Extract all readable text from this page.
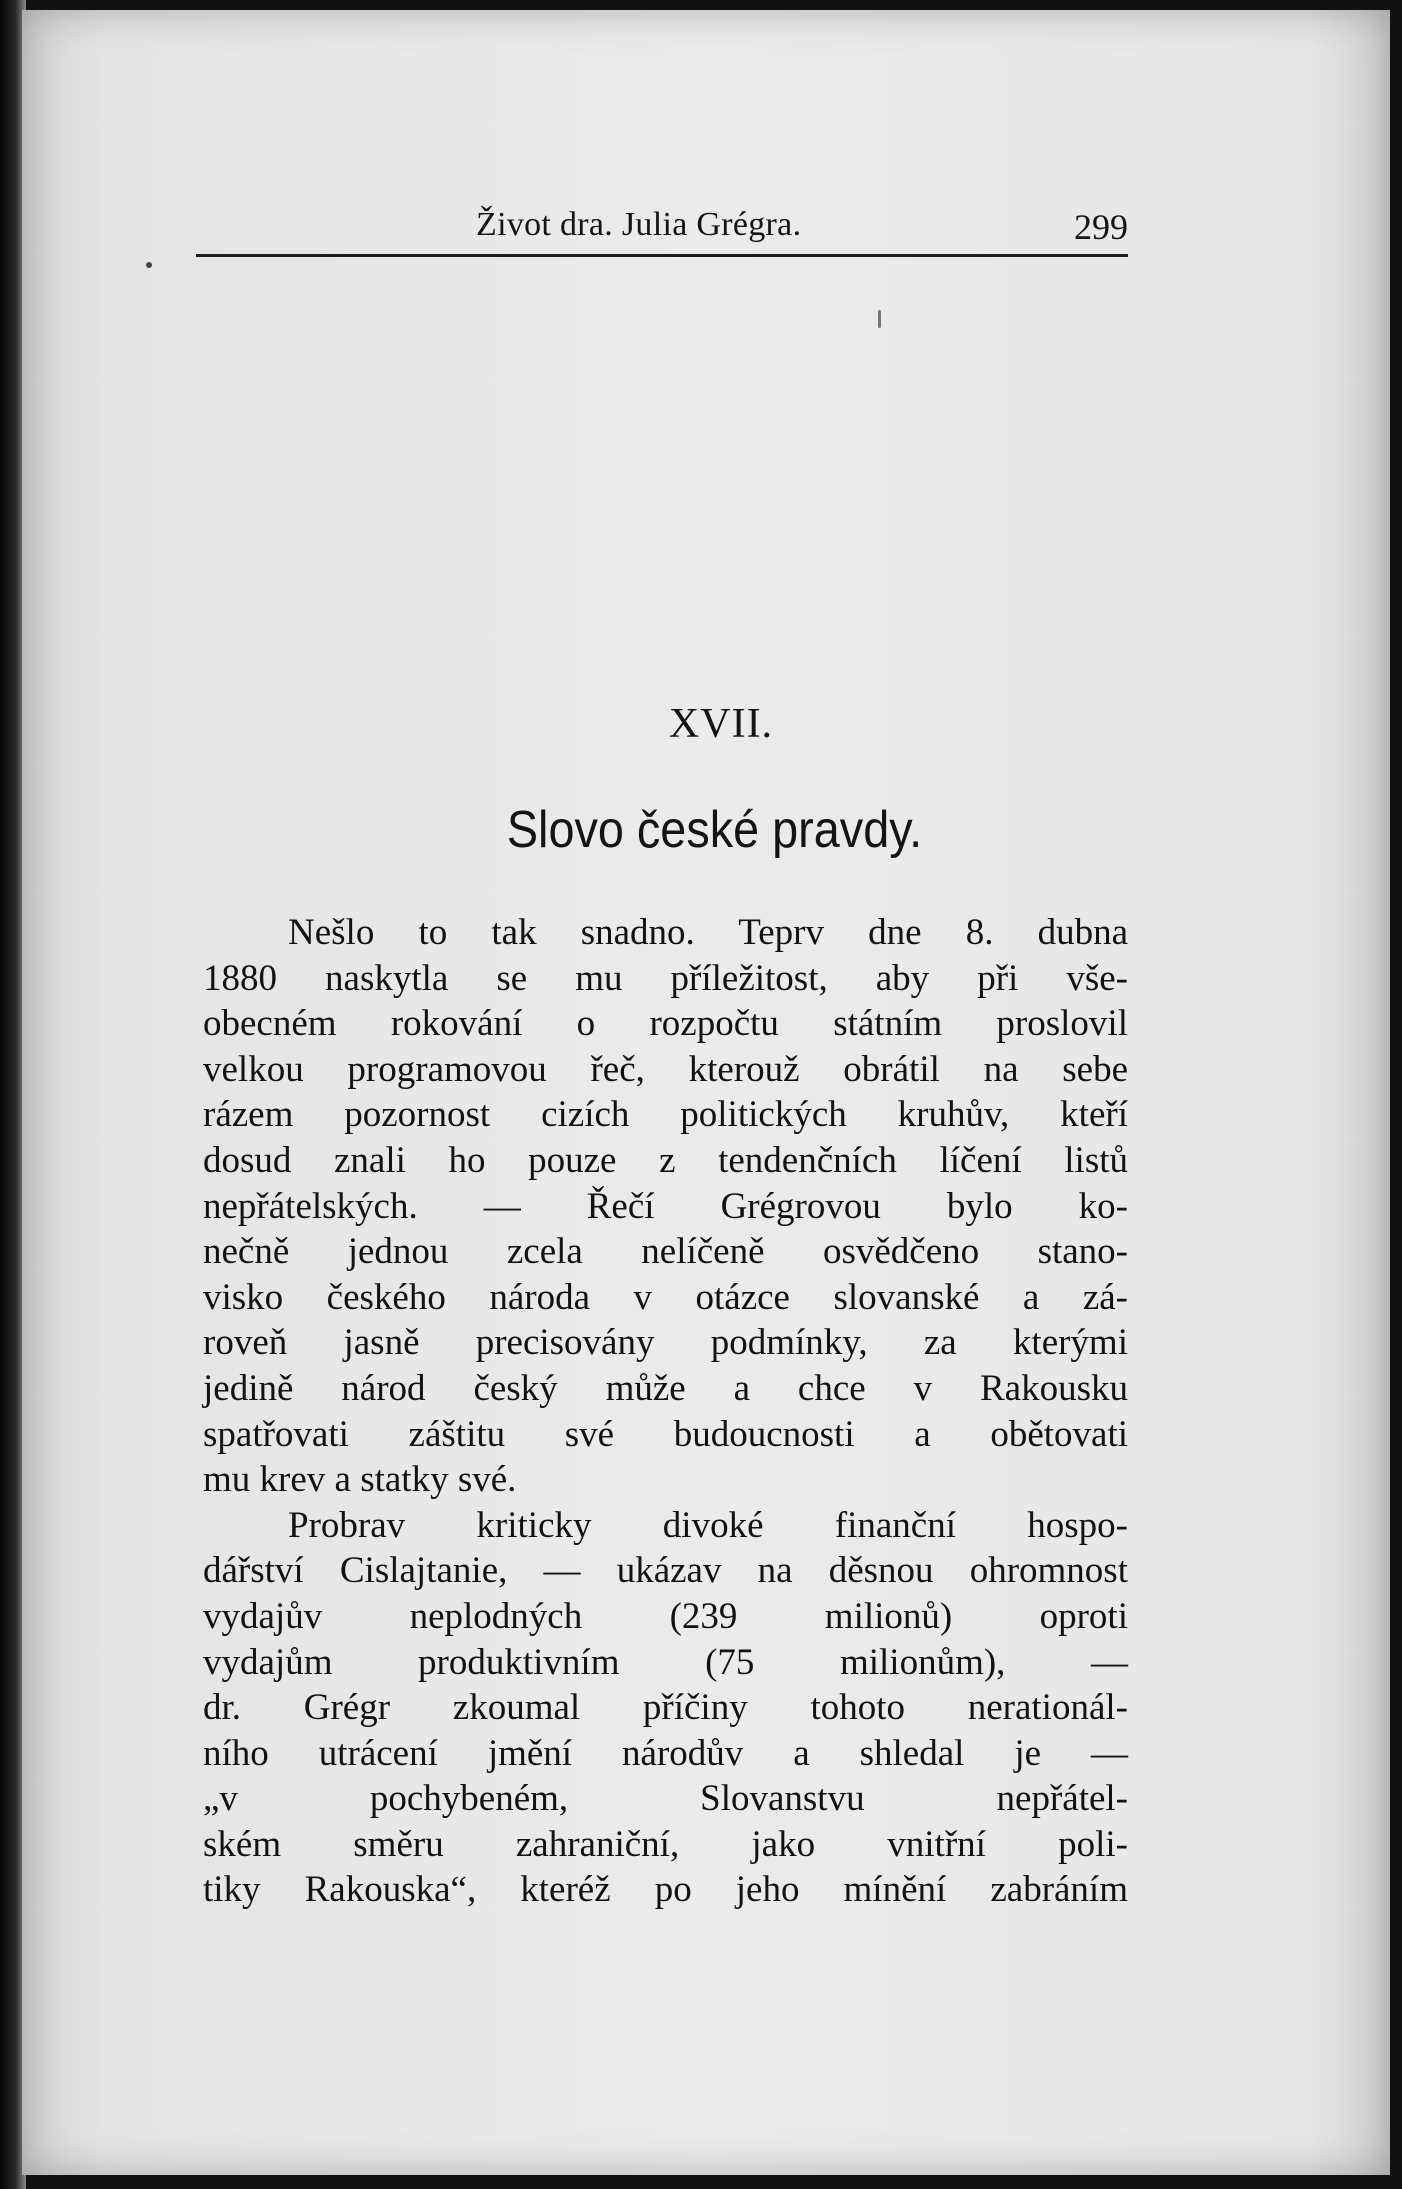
Život dra. Julia Grégra.	299
XVII.
Slovo české pravdy.
Nešlo to tak snadno. Teprv dne 8. dubna
1880 naskytla se mu příležitost, aby při vše-
obecném rokování o rozpočtu státním proslovil
velkou programovou řeč, kterouž obrátil na sebe
rázem pozornost cizích politických kruhův, kteří
dosud znali ho pouze z tendenčních líčení listů
nepřátelských. — Řečí Grégrovou bylo ko-
nečně jednou zcela nelíčeně osvědčeno stano-
visko českého národa v otázce slovanské a zá-
roveň jasně precisovány podmínky, za kterými
jedině národ český může a chce v Rakousku
spatřovati záštitu své budoucnosti a obětovati
mu krev a statky své.
Probrav kriticky divoké finanční hospo-
dářství Cislajtanie, — ukázav na děsnou ohromnost
vydajův neplodných (239 milionů) oproti
vydajům produktivním (75 milionům), —
dr. Grégr zkoumal příčiny tohoto nerationál-
ního utrácení jmění národův a shledal je —
„v pochybeném, Slovanstvu nepřátel-
ském směru zahraniční, jako vnitřní poli-
tiky Rakouska“, kteréž po jeho mínění zabráním
